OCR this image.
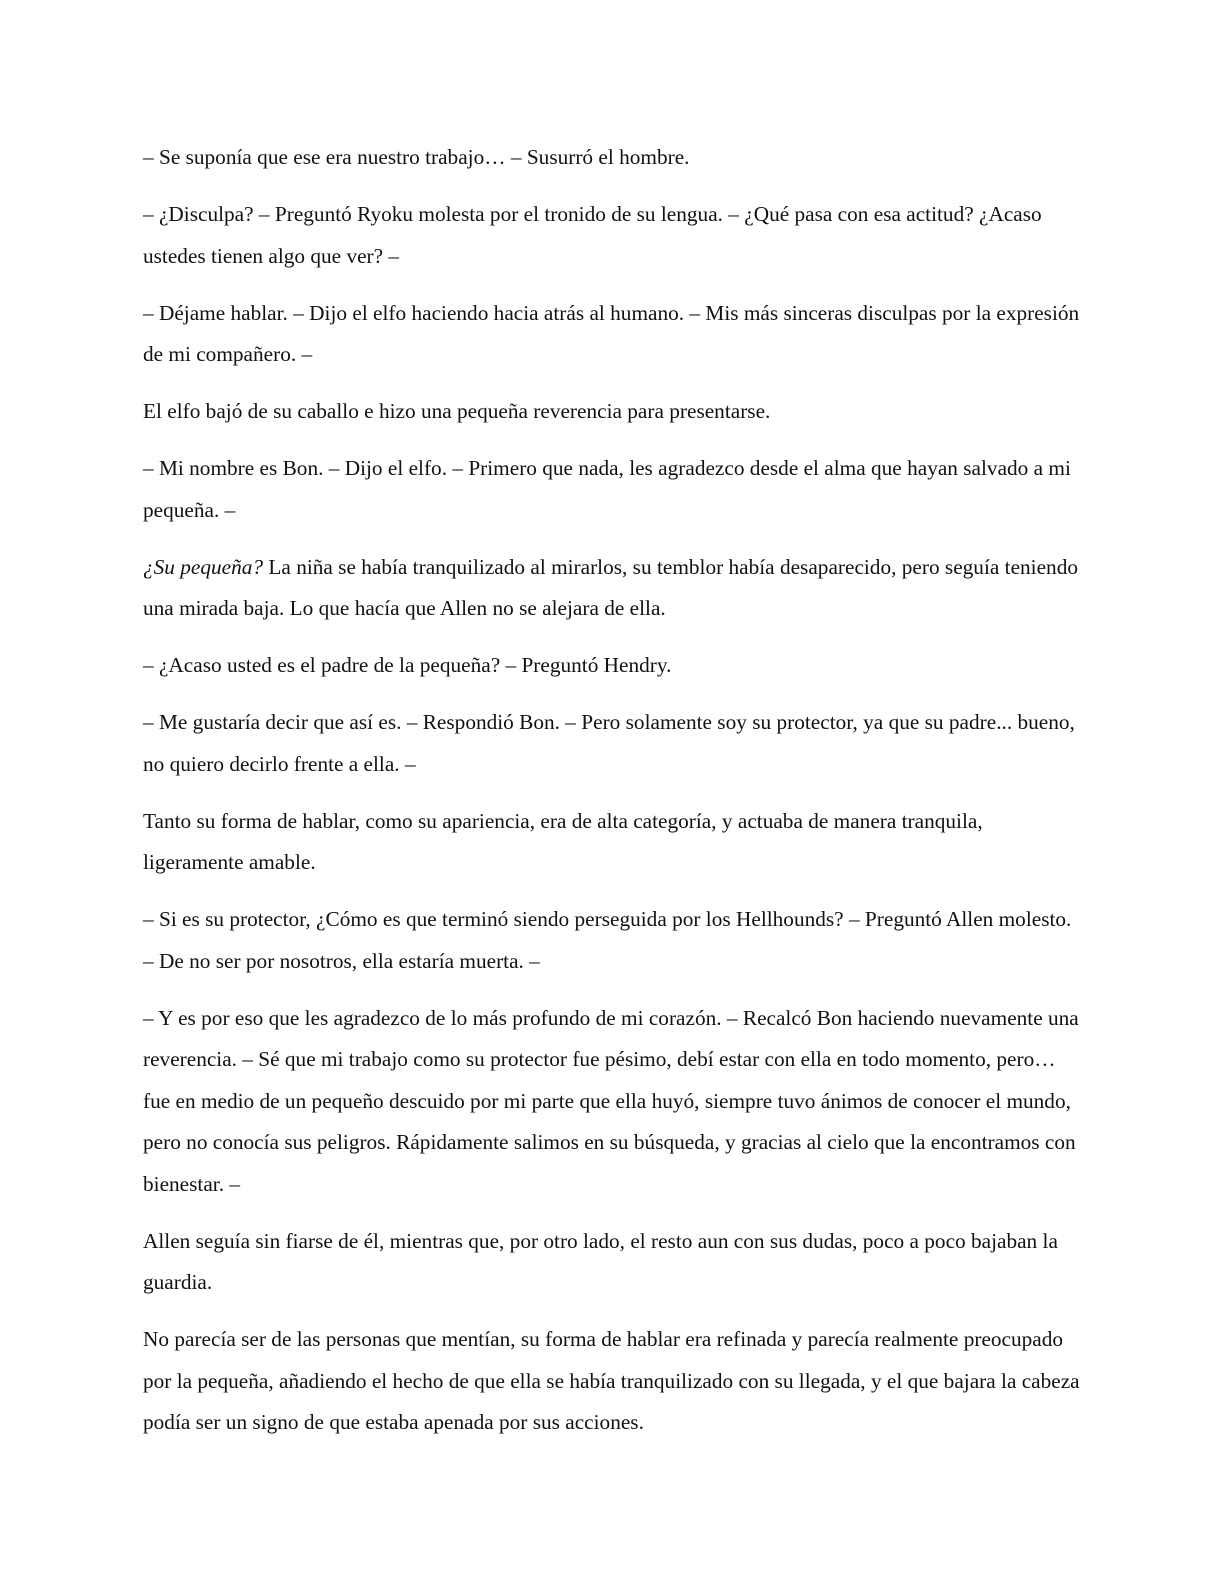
– Se suponía que ese era nuestro trabajo… – Susurró el hombre.

– ¿Disculpa? – Preguntó Ryoku molesta por el tronido de su lengua. – ¿Qué pasa con esa actitud? ¿Acaso ustedes tienen algo que ver? –

– Déjame hablar. – Dijo el elfo haciendo hacia atrás al humano. – Mis más sinceras disculpas por la expresión de mi compañero. –

El elfo bajó de su caballo e hizo una pequeña reverencia para presentarse.

– Mi nombre es Bon. – Dijo el elfo. – Primero que nada, les agradezco desde el alma que hayan salvado a mi pequeña. –

¿Su pequeña? La niña se había tranquilizado al mirarlos, su temblor había desaparecido, pero seguía teniendo una mirada baja. Lo que hacía que Allen no se alejara de ella.

– ¿Acaso usted es el padre de la pequeña? – Preguntó Hendry.

– Me gustaría decir que así es. – Respondió Bon. – Pero solamente soy su protector, ya que su padre... bueno, no quiero decirlo frente a ella. –

Tanto su forma de hablar, como su apariencia, era de alta categoría, y actuaba de manera tranquila, ligeramente amable.

– Si es su protector, ¿Cómo es que terminó siendo perseguida por los Hellhounds? – Preguntó Allen molesto. – De no ser por nosotros, ella estaría muerta. –

– Y es por eso que les agradezco de lo más profundo de mi corazón. – Recalcó Bon haciendo nuevamente una reverencia. – Sé que mi trabajo como su protector fue pésimo, debí estar con ella en todo momento, pero… fue en medio de un pequeño descuido por mi parte que ella huyó, siempre tuvo ánimos de conocer el mundo, pero no conocía sus peligros. Rápidamente salimos en su búsqueda, y gracias al cielo que la encontramos con bienestar. –

Allen seguía sin fiarse de él, mientras que, por otro lado, el resto aun con sus dudas, poco a poco bajaban la guardia.

No parecía ser de las personas que mentían, su forma de hablar era refinada y parecía realmente preocupado por la pequeña, añadiendo el hecho de que ella se había tranquilizado con su llegada, y el que bajara la cabeza podía ser un signo de que estaba apenada por sus acciones.
